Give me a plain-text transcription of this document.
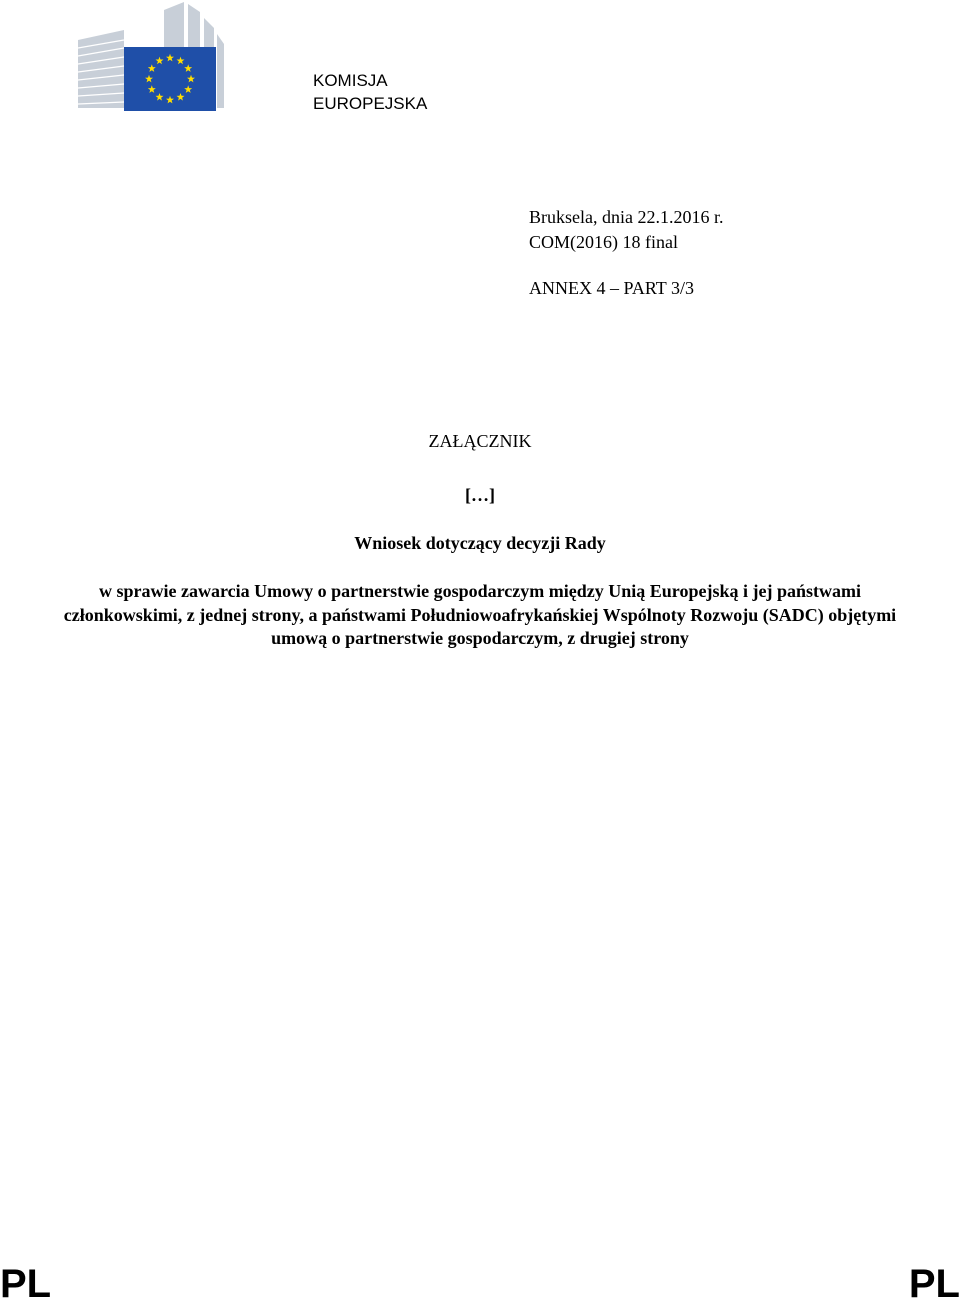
KOMISJA
EUROPEJSKA
Bruksela, dnia 22.1.2016 r.
COM(2016) 18 final
ANNEX 4 – PART 3/3
ZAŁĄCZNIK
[…]
Wniosek dotyczący decyzji Rady
w sprawie zawarcia Umowy o partnerstwie gospodarczym między Unią Europejską i jej państwami członkowskimi, z jednej strony, a państwami Południowoafrykańskiej Wspólnoty Rozwoju (SADC) objętymi umową o partnerstwie gospodarczym, z drugiej strony
PL	PL
